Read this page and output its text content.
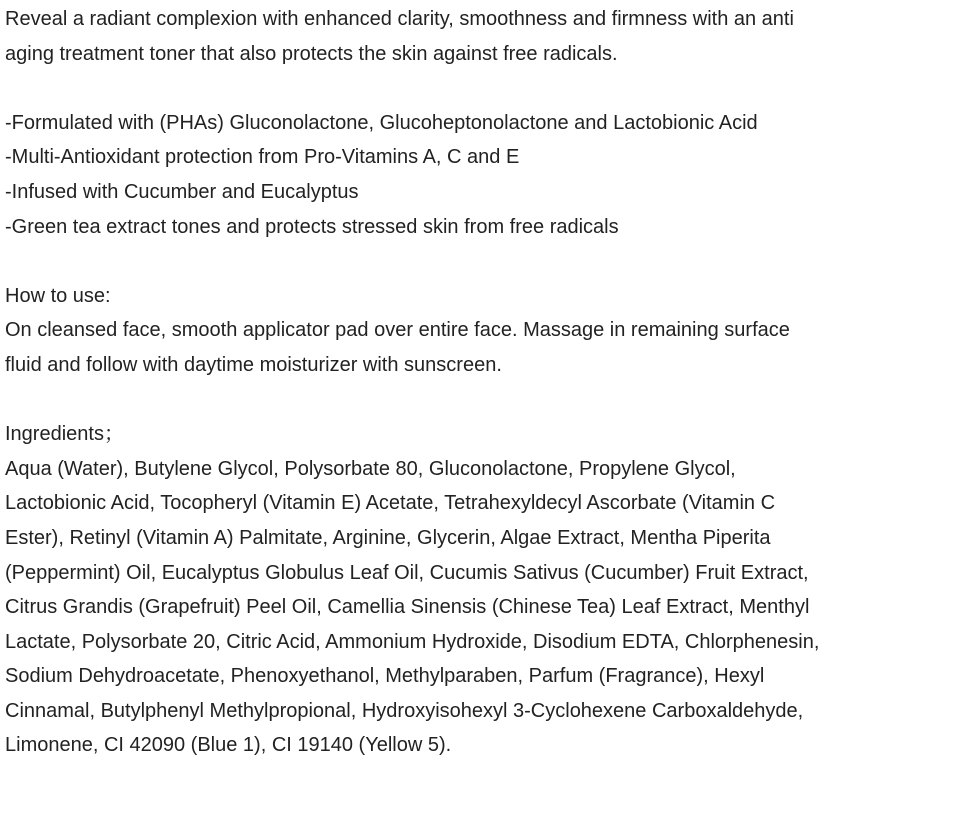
Reveal a radiant complexion with enhanced clarity, smoothness and firmness with an anti
aging treatment toner that also protects the skin against free radicals.
-Formulated with (PHAs) Gluconolactone, Glucoheptonolactone and Lactobionic Acid
-Multi-Antioxidant protection from Pro-Vitamins A, C and E
-Infused with Cucumber and Eucalyptus
-Green tea extract tones and protects stressed skin from free radicals
How to use:
On cleansed face, smooth applicator pad over entire face. Massage in remaining surface
fluid and follow with daytime moisturizer with sunscreen.
Ingredients；
Aqua (Water), Butylene Glycol, Polysorbate 80, Gluconolactone, Propylene Glycol,
Lactobionic Acid, Tocopheryl (Vitamin E) Acetate, Tetrahexyldecyl Ascorbate (Vitamin C
Ester), Retinyl (Vitamin A) Palmitate, Arginine, Glycerin, Algae Extract, Mentha Piperita
(Peppermint) Oil, Eucalyptus Globulus Leaf Oil, Cucumis Sativus (Cucumber) Fruit Extract,
Citrus Grandis (Grapefruit) Peel Oil, Camellia Sinensis (Chinese Tea) Leaf Extract, Menthyl
Lactate, Polysorbate 20, Citric Acid, Ammonium Hydroxide, Disodium EDTA, Chlorphenesin,
Sodium Dehydroacetate, Phenoxyethanol, Methylparaben, Parfum (Fragrance), Hexyl
Cinnamal, Butylphenyl Methylpropional, Hydroxyisohexyl 3-Cyclohexene Carboxaldehyde,
Limonene, CI 42090 (Blue 1), CI 19140 (Yellow 5).
